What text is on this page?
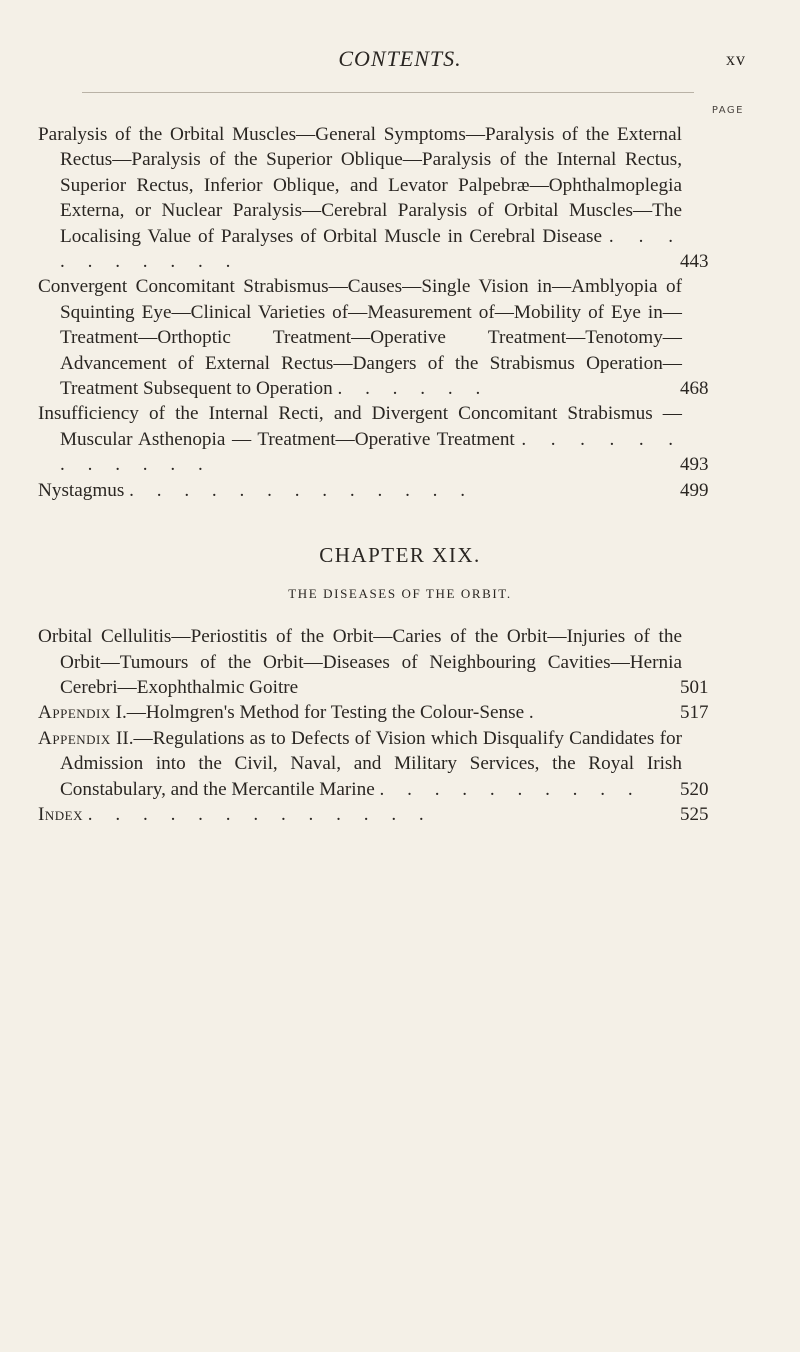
CONTENTS.	xv
PAGE
Paralysis of the Orbital Muscles—General Symptoms—Paralysis of the External Rectus—Paralysis of the Superior Oblique—Paralysis of the Internal Rectus, Superior Rectus, Inferior Oblique, and Levator Palpebræ—Ophthalmoplegia Externa, or Nuclear Paralysis—Cerebral Paralysis of Orbital Muscles—The Localising Value of Paralyses of Orbital Muscle in Cerebral Disease . . . . . . . . . .	443
Convergent Concomitant Strabismus—Causes—Single Vision in—Amblyopia of Squinting Eye—Clinical Varieties of—Measurement of—Mobility of Eye in—Treatment—Orthoptic Treatment—Operative Treatment—Tenotomy—Advancement of External Rectus—Dangers of the Strabismus Operation—Treatment Subsequent to Operation . . . . . .	468
Insufficiency of the Internal Recti, and Divergent Concomitant Strabismus — Muscular Asthenopia — Treatment—Operative Treatment . . . . . . . . . . . .	493
Nystagmus . . . . . . . . . . . . .	499
CHAPTER XIX.
THE DISEASES OF THE ORBIT.
Orbital Cellulitis—Periostitis of the Orbit—Caries of the Orbit—Injuries of the Orbit—Tumours of the Orbit—Diseases of Neighbouring Cavities—Hernia Cerebri—Exophthalmic Goitre	501
Appendix I.—Holmgren's Method for Testing the Colour-Sense .	517
Appendix II.—Regulations as to Defects of Vision which Disqualify Candidates for Admission into the Civil, Naval, and Military Services, the Royal Irish Constabulary, and the Mercantile Marine . . . . . . . . . . 520
Index . . . . . . . . . . . . .	525
